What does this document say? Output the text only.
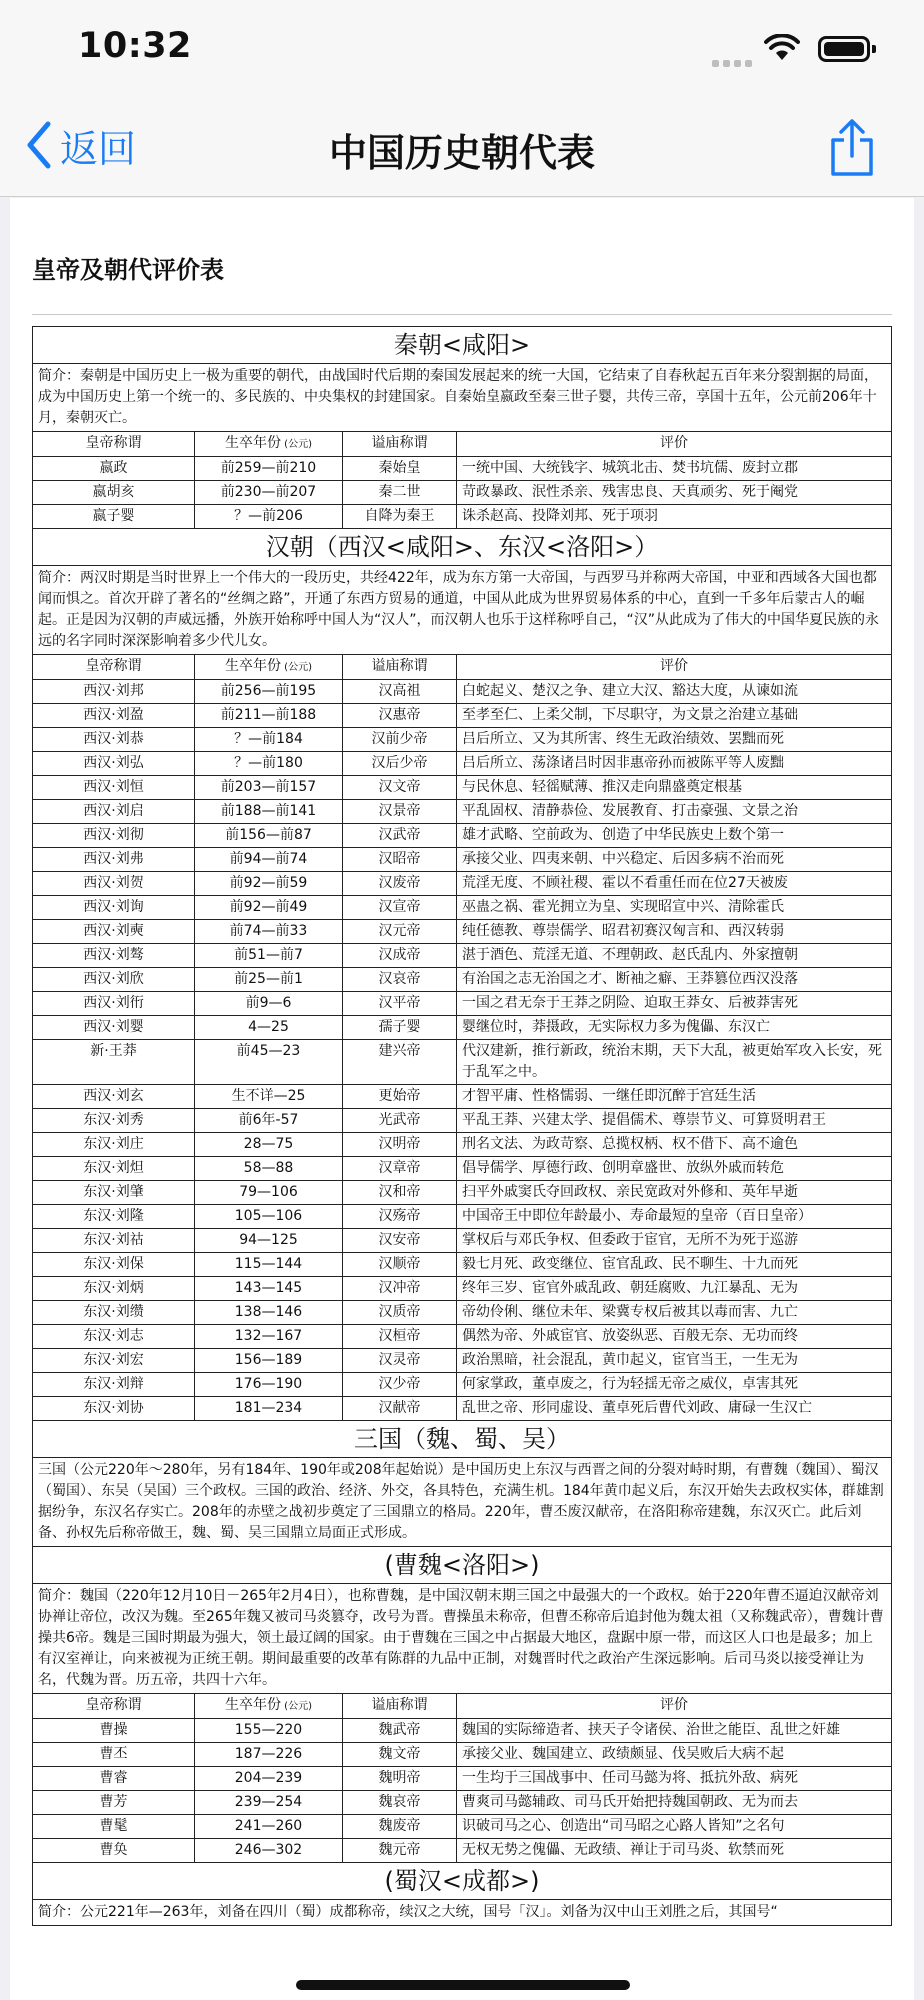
10:32
返回	中国历史朝代表
皇帝及朝代评价表
秦朝<咸阳>			
简介：秦朝是中国历史上一极为重要的朝代，由战国时代后期的秦国发展起来的统一大国，它结束了自春秋起五百年来分裂割据的局面，成为中国历史上第一个统一的、多民族的、中央集权的封建国家。自秦始皇嬴政至秦三世子婴，共传三帝，享国十五年，公元前206年十月，秦朝灭亡。			
皇帝称谓	生卒年份 (公元)	谥庙称谓	评价
嬴政	前259—前210	秦始皇	一统中国、大统钱字、城筑北击、焚书坑儒、废封立郡
嬴胡亥	前230—前207	秦二世	苛政暴政、泯性杀亲、残害忠良、天真顽劣、死于阉党
嬴子婴	？—前206	自降为秦王	诛杀赵高、投降刘邦、死于项羽
汉朝（西汉<咸阳>、东汉<洛阳>）			
简介：两汉时期是当时世界上一个伟大的一段历史，共经422年，成为东方第一大帝国，与西罗马并称两大帝国，中亚和西域各大国也都闻而惧之。首次开辟了著名的“丝绸之路”，开通了东西方贸易的通道，中国从此成为世界贸易体系的中心，直到一千多年后蒙古人的崛起。正是因为汉朝的声威远播，外族开始称呼中国人为“汉人”，而汉朝人也乐于这样称呼自己，“汉”从此成为了伟大的中国华夏民族的永远的名字同时深深影响着多少代儿女。			
皇帝称谓	生卒年份 (公元)	谥庙称谓	评价
西汉·刘邦	前256—前195	汉高祖	白蛇起义、楚汉之争、建立大汉、豁达大度，从谏如流
西汉·刘盈	前211—前188	汉惠帝	至孝至仁、上柔父制，下尽职守，为文景之治建立基础
西汉·刘恭	？—前184	汉前少帝	吕后所立、又为其所害、终生无政治绩效、罢黜而死
西汉·刘弘	？—前180	汉后少帝	吕后所立、荡涤诸吕时因非惠帝孙而被陈平等人废黜
西汉·刘恒	前203—前157	汉文帝	与民休息、轻徭赋薄、推汉走向鼎盛奠定根基
西汉·刘启	前188—前141	汉景帝	平乱固权、清静恭俭、发展教育、打击豪强、文景之治
西汉·刘彻	前156—前87	汉武帝	雄才武略、空前政为、创造了中华民族史上数个第一
西汉·刘弗	前94—前74	汉昭帝	承接父业、四夷来朝、中兴稳定、后因多病不治而死
西汉·刘贺	前92—前59	汉废帝	荒淫无度、不顾社稷、霍以不看重任而在位27天被废
西汉·刘询	前92—前49	汉宣帝	巫蛊之祸、霍光拥立为皇、实现昭宣中兴、清除霍氏
西汉·刘奭	前74—前33	汉元帝	纯任德教、尊崇儒学、昭君初赛汉匈言和、西汉转弱
西汉·刘骜	前51—前7	汉成帝	湛于酒色、荒淫无道、不理朝政、赵氏乱内、外家擅朝
西汉·刘欣	前25—前1	汉哀帝	有治国之志无治国之才、断袖之癖、王莽篡位西汉没落
西汉·刘衎	前9—6	汉平帝	一国之君无奈于王莽之阴险、迫取王莽女、后被莽害死
西汉·刘婴	4—25	孺子婴	婴继位时，莽摄政，无实际权力多为傀儡、东汉亡
新·王莽	前45—23	建兴帝	代汉建新，推行新政，统治末期，天下大乱，被更始军攻入长安，死于乱军之中。
西汉·刘玄	生不详—25	更始帝	才智平庸、性格懦弱、一继任即沉醉于宫廷生活
东汉·刘秀	前6年-57	光武帝	平乱王莽、兴建太学、提倡儒术、尊崇节义、可算贤明君王
东汉·刘庄	28—75	汉明帝	刑名文法、为政苛察、总揽权柄、权不借下、高不逾色
东汉·刘炟	58—88	汉章帝	倡导儒学、厚德行政、创明章盛世、放纵外戚而转危
东汉·刘肇	79—106	汉和帝	扫平外戚窦氏夺回政权、亲民宽政对外修和、英年早逝
东汉·刘隆	105—106	汉殇帝	中国帝王中即位年龄最小、寿命最短的皇帝（百日皇帝）
东汉·刘祜	94—125	汉安帝	掌权后与邓氏争权、但委政于宦官，无所不为死于巡游
东汉·刘保	115—144	汉顺帝	毅七月死、政变继位、宦官乱政、民不聊生、十九而死
东汉·刘炳	143—145	汉冲帝	终年三岁、宦官外戚乱政、朝廷腐败、九江暴乱、无为
东汉·刘缵	138—146	汉质帝	帝幼伶俐、继位未年、梁冀专权后被其以毒而害、九亡
东汉·刘志	132—167	汉桓帝	偶然为帝、外戚宦官、放姿纵恶、百般无奈、无功而终
东汉·刘宏	156—189	汉灵帝	政治黑暗，社会混乱，黄巾起义，宦官当王，一生无为
东汉·刘辩	176—190	汉少帝	何家掌政，董卓废之，行为轻揺无帝之威仪，卓害其死
东汉·刘协	181—234	汉献帝	乱世之帝、形同虚设、董卓死后曹代刘政、庸碌一生汉亡
三国（魏、蜀、吴）			
三国（公元220年～280年，另有184年、190年或208年起始说）是中国历史上东汉与西晋之间的分裂对峙时期，有曹魏（魏国）、蜀汉（蜀国）、东吴（吴国）三个政权。三国的政治、经济、外交，各具特色，充满生机。184年黄巾起义后，东汉开始失去政权实体，群雄割据纷争，东汉名存实亡。208年的赤壁之战初步奠定了三国鼎立的格局。220年，曹丕废汉献帝，在洛阳称帝建魏，东汉灭亡。此后刘备、孙权先后称帝做王，魏、蜀、吴三国鼎立局面正式形成。			
(曹魏<洛阳>)			
简介：魏国（220年12月10日－265年2月4日），也称曹魏，是中国汉朝末期三国之中最强大的一个政权。始于220年曹丕逼迫汉献帝刘协禅让帝位，改汉为魏。至265年魏又被司马炎篡夺，改号为晋。曹操虽未称帝，但曹丕称帝后追封他为魏太祖（又称魏武帝），曹魏计曹操共6帝。魏是三国时期最为强大，领土最辽阔的国家。由于曹魏在三国之中占据最大地区，盘踞中原一带，而这区人口也是最多；加上有汉室禅让，向来被视为正统王朝。期间最重要的改革有陈群的九品中正制，对魏晋时代之政治产生深远影响。后司马炎以接受禅让为名，代魏为晋。历五帝，共四十六年。			
皇帝称谓	生卒年份 (公元)	谥庙称谓	评价
曹操	155—220	魏武帝	魏国的实际缔造者、挟天子令诸侯、治世之能臣、乱世之奸雄
曹丕	187—226	魏文帝	承接父业、魏国建立、政绩颇显、伐吴败后大病不起
曹睿	204—239	魏明帝	一生均于三国战事中、任司马懿为将、抵抗外敌、病死
曹芳	239—254	魏哀帝	曹爽司马懿辅政、司马氏开始把持魏国朝政、无为而去
曹髦	241—260	魏废帝	识破司马之心、创造出“司马昭之心路人皆知”之名句
曹奂	246—302	魏元帝	无权无势之傀儡、无政绩、禅让于司马炎、软禁而死
(蜀汉<成都>)			
简介：公元221年—263年，刘备在四川（蜀）成都称帝，续汉之大统，国号「汉」。刘备为汉中山王刘胜之后，其国号“			
